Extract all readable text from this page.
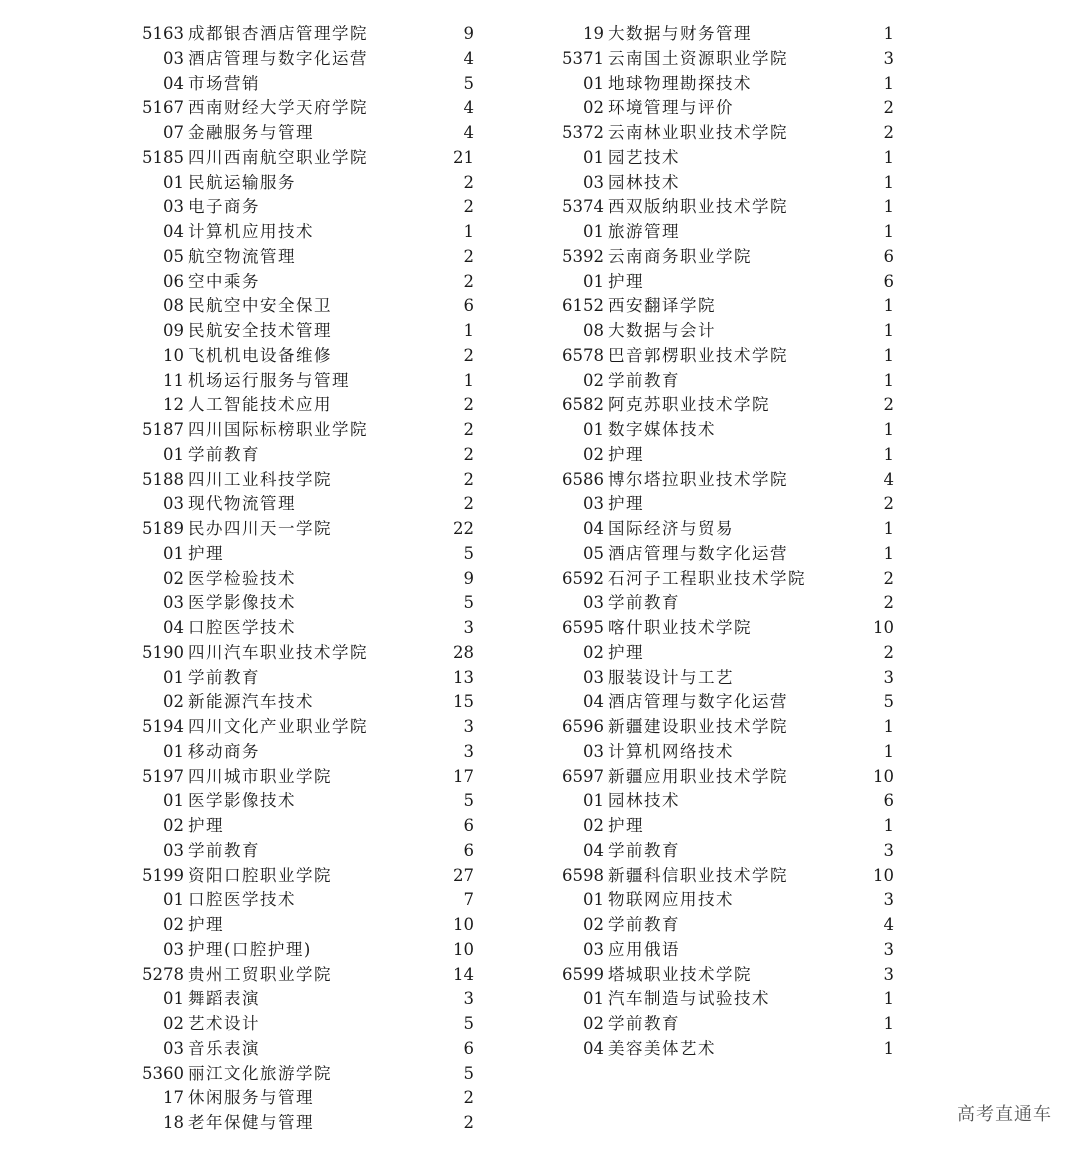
5163 成都银杏酒店管理学院	9
03 酒店管理与数字化运营	4
04 市场营销	5
5167 西南财经大学天府学院	4
07 金融服务与管理	4
5185 四川西南航空职业学院	21
01 民航运输服务	2
03 电子商务	2
04 计算机应用技术	1
05 航空物流管理	2
06 空中乘务	2
08 民航空中安全保卫	6
09 民航安全技术管理	1
10 飞机机电设备维修	2
11 机场运行服务与管理	1
12 人工智能技术应用	2
5187 四川国际标榜职业学院	2
01 学前教育	2
5188 四川工业科技学院	2
03 现代物流管理	2
5189 民办四川天一学院	22
01 护理	5
02 医学检验技术	9
03 医学影像技术	5
04 口腔医学技术	3
5190 四川汽车职业技术学院	28
01 学前教育	13
02 新能源汽车技术	15
5194 四川文化产业职业学院	3
01 移动商务	3
5197 四川城市职业学院	17
01 医学影像技术	5
02 护理	6
03 学前教育	6
5199 资阳口腔职业学院	27
01 口腔医学技术	7
02 护理	10
03 护理(口腔护理)	10
5278 贵州工贸职业学院	14
01 舞蹈表演	3
02 艺术设计	5
03 音乐表演	6
5360 丽江文化旅游学院	5
17 休闲服务与管理	2
18 老年保健与管理	2
19 大数据与财务管理	1
5371 云南国土资源职业学院	3
01 地球物理勘探技术	1
02 环境管理与评价	2
5372 云南林业职业技术学院	2
01 园艺技术	1
03 园林技术	1
5374 西双版纳职业技术学院	1
01 旅游管理	1
5392 云南商务职业学院	6
01 护理	6
6152 西安翻译学院	1
08 大数据与会计	1
6578 巴音郭楞职业技术学院	1
02 学前教育	1
6582 阿克苏职业技术学院	2
01 数字媒体技术	1
02 护理	1
6586 博尔塔拉职业技术学院	4
03 护理	2
04 国际经济与贸易	1
05 酒店管理与数字化运营	1
6592 石河子工程职业技术学院	2
03 学前教育	2
6595 喀什职业技术学院	10
02 护理	2
03 服装设计与工艺	3
04 酒店管理与数字化运营	5
6596 新疆建设职业技术学院	1
03 计算机网络技术	1
6597 新疆应用职业技术学院	10
01 园林技术	6
02 护理	1
04 学前教育	3
6598 新疆科信职业技术学院	10
01 物联网应用技术	3
02 学前教育	4
03 应用俄语	3
6599 塔城职业技术学院	3
01 汽车制造与试验技术	1
02 学前教育	1
04 美容美体艺术	1
高考直通车
